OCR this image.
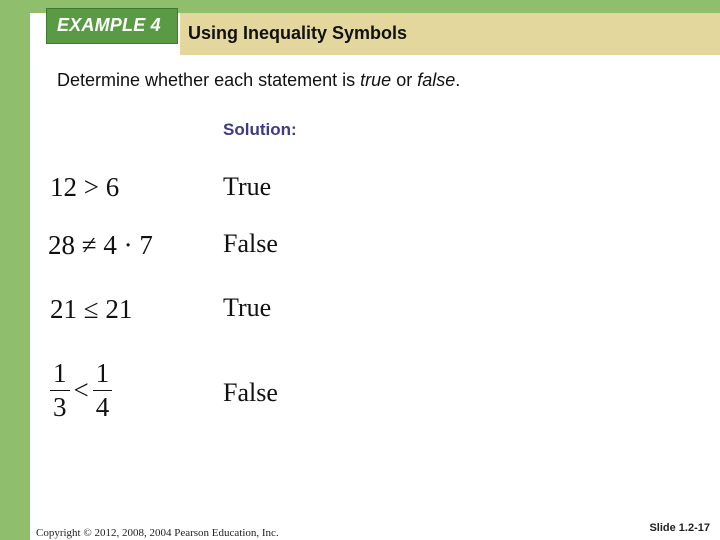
Using Inequality Symbols
EXAMPLE 4
Determine whether each statement is true or false.
Solution:
12 > 6	True
28 ≠ 4 · 7	False
21 ≤ 21	True
$\frac{1}{3} < \frac{1}{4}$	False
Copyright © 2012, 2008, 2004 Pearson Education, Inc.	Slide 1.2-17
